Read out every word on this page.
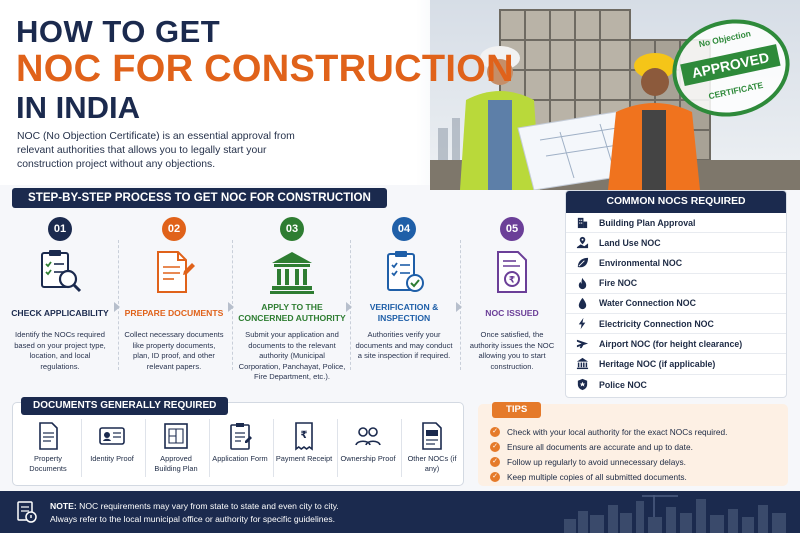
HOW TO GET
NOC FOR CONSTRUCTION
IN INDIA
NOC (No Objection Certificate) is an essential approval from relevant authorities that allows you to legally start your construction project without any objections.
No Objection
APPROVED
CERTIFICATE
STEP-BY-STEP PROCESS TO GET NOC FOR CONSTRUCTION
01
CHECK APPLICABILITY
Identify the NOCs required based on your project type, location, and local regulations.
02
PREPARE DOCUMENTS
Collect necessary documents like property documents, plan, ID proof, and other relevant papers.
03
APPLY TO THE CONCERNED AUTHORITY
Submit your application and documents to the relevant authority (Municipal Corporation, Panchayat, Police, Fire Department, etc.).
04
VERIFICATION & INSPECTION
Authorities verify your documents and may conduct a site inspection if required.
05
₹
NOC ISSUED
Once satisfied, the authority issues the NOC allowing you to start construction.
COMMON NOCS REQUIRED
Building Plan Approval
Land Use NOC
Environmental NOC
Fire NOC
Water Connection NOC
Electricity Connection NOC
Airport NOC (for height clearance)
Heritage NOC (if applicable)
Police NOC
DOCUMENTS GENERALLY REQUIRED
Property Documents
Identity Proof	Approved Building Plan
Application Form
₹
Payment Receipt Ownership Proof	Other NOCs (if any)
TIPS
✓ Check with your local authority for the exact NOCs required.
✓ Ensure all documents are accurate and up to date.
✓ Follow up regularly to avoid unnecessary delays.
✓ Keep multiple copies of all submitted documents.
NOTE: NOC requirements may vary from state to state and even city to city.
Always refer to the local municipal office or authority for specific guidelines.
